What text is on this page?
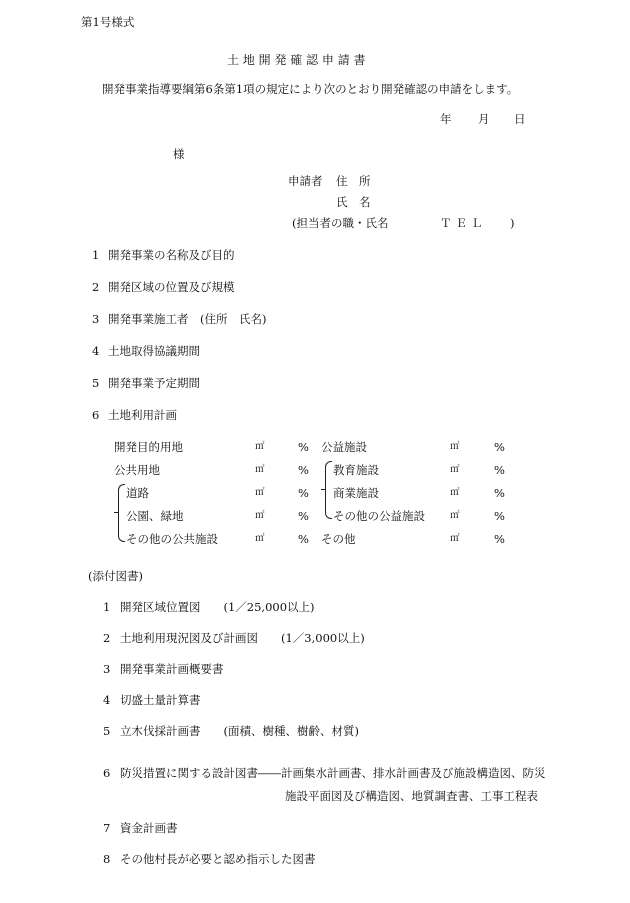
第1号様式
土 地 開 発 確 認 申 請 書
開発事業指導要綱第6条第1項の規定により次のとおり開発確認の申請をします。
年 月 日
様
申請者 住　所
氏　名
(担当者の職・氏名	ＴＥＬ )
1 開発事業の名称及び目的
2 開発区域の位置及び規模
3 開発事業施工者　(住所　氏名)
4 土地取得協議期間
5 開発事業予定期間
6 土地利用計画
開発目的用地
公共用地
道路
公園、緑地
その他の公共施設
㎡
㎡
㎡
㎡
㎡
%
%
%
%
%
公益施設
教育施設
商業施設
その他の公益施設
その他
㎡
㎡
㎡
㎡
㎡
%
%
%
%
%
(添付図書)
1 開発区域位置図　　(1／25,000以上)
2 土地利用現況図及び計画図　　(1／3,000以上)
3 開発事業計画概要書
4 切盛土量計算書
5 立木伐採計画書　　(面積、樹種、樹齢、材質)
6 防災措置に関する設計図書――計画集水計画書、排水計画書及び施設構造図、防災
施設平面図及び構造図、地質調査書、工事工程表
7 資金計画書
8 その他村長が必要と認め指示した図書
